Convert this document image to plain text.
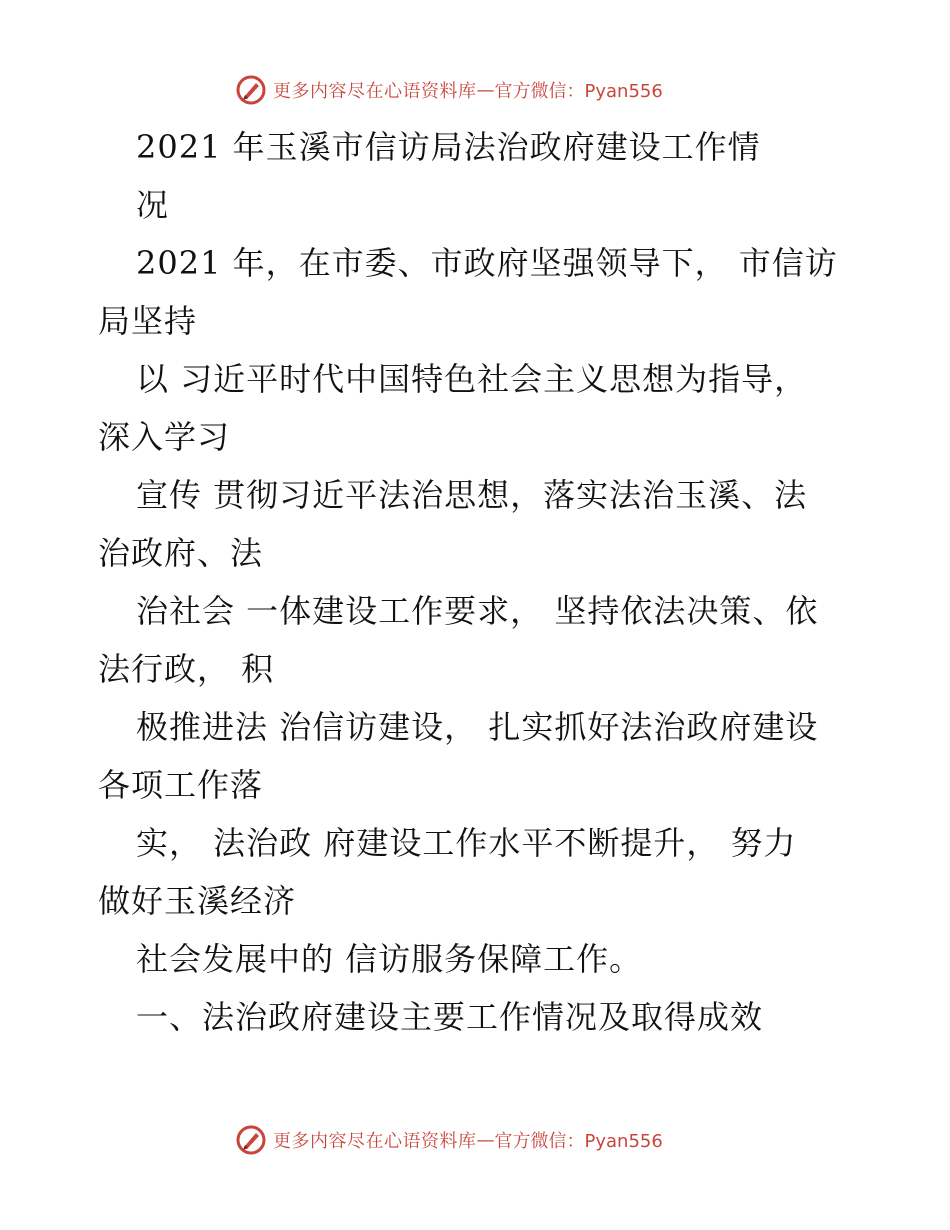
更多内容尽在心语资料库 — 官方微信：Pyan556
2021 年玉溪市信访局法治政府建设工作情
况
2021 年，在市委、市政府坚强领导下， 市信访
局坚持
以 习近平时代中国特色社会主义思想为指导，
深入学习
宣传 贯彻习近平法治思想，落实法治玉溪、法
治政府、法
治社会 一体建设工作要求， 坚持依法决策、依
法行政， 积
极推进法 治信访建设， 扎实抓好法治政府建设
各项工作落
实， 法治政 府建设工作水平不断提升， 努力
做好玉溪经济
社会发展中的 信访服务保障工作。
一、法治政府建设主要工作情况及取得成效
更多内容尽在心语资料库 — 官方微信：Pyan556
